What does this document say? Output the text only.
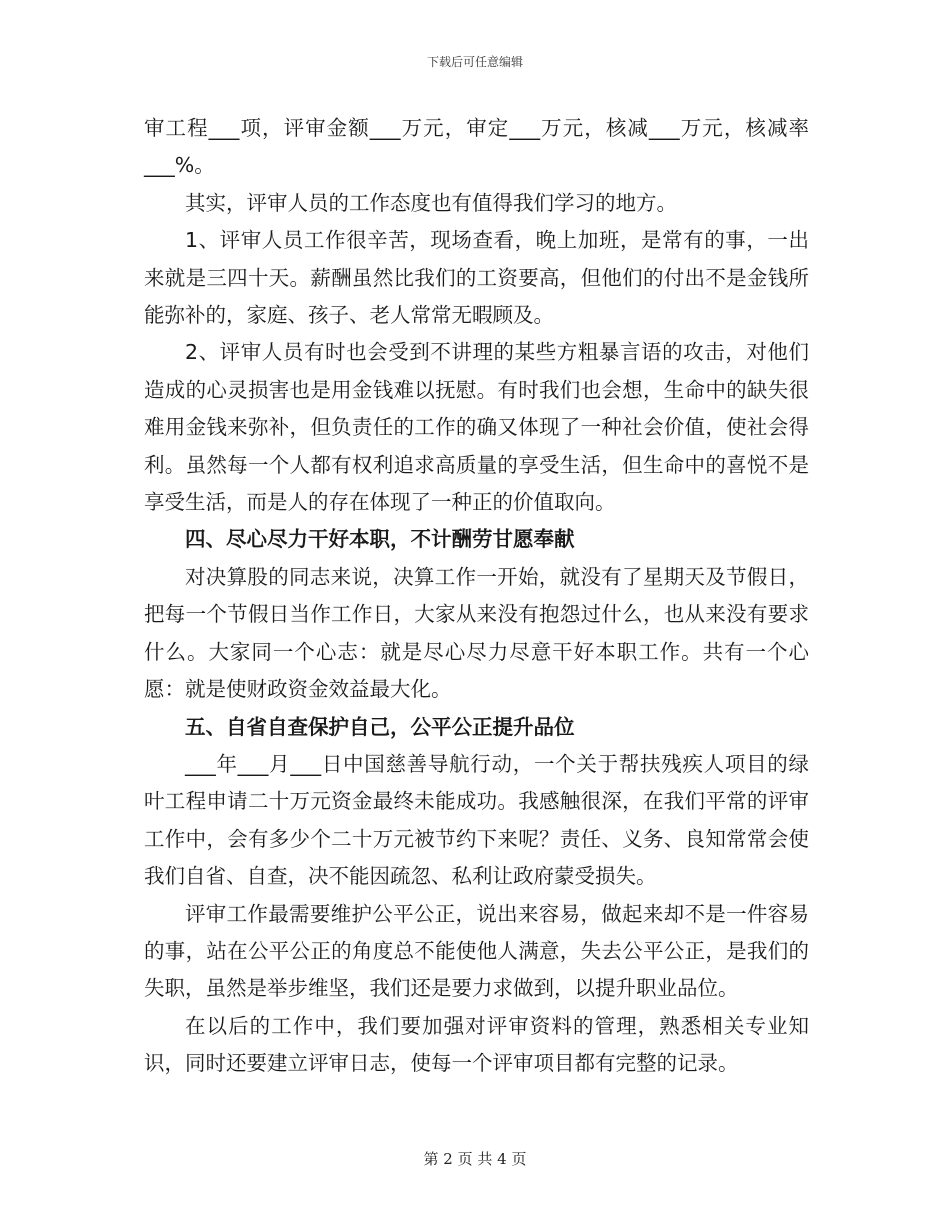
下载后可任意编辑

审工程___项，评审金额___万元，审定___万元，核减___万元，核减率___%。

其实，评审人员的工作态度也有值得我们学习的地方。

1、评审人员工作很辛苦，现场查看，晚上加班，是常有的事，一出来就是三四十天。薪酬虽然比我们的工资要高，但他们的付出不是金钱所能弥补的，家庭、孩子、老人常常无暇顾及。

2、评审人员有时也会受到不讲理的某些方粗暴言语的攻击，对他们造成的心灵损害也是用金钱难以抚慰。有时我们也会想，生命中的缺失很难用金钱来弥补，但负责任的工作的确又体现了一种社会价值，使社会得利。虽然每一个人都有权利追求高质量的享受生活，但生命中的喜悦不是享受生活，而是人的存在体现了一种正的价值取向。

四、尽心尽力干好本职，不计酬劳甘愿奉献

对决算股的同志来说，决算工作一开始，就没有了星期天及节假日，把每一个节假日当作工作日，大家从来没有抱怨过什么，也从来没有要求什么。大家同一个心志：就是尽心尽力尽意干好本职工作。共有一个心愿：就是使财政资金效益最大化。

五、自省自查保护自己，公平公正提升品位

___年___月___日中国慈善导航行动，一个关于帮扶残疾人项目的绿叶工程申请二十万元资金最终未能成功。我感触很深，在我们平常的评审工作中，会有多少个二十万元被节约下来呢？责任、义务、良知常常会使我们自省、自查，决不能因疏忽、私利让政府蒙受损失。

评审工作最需要维护公平公正，说出来容易，做起来却不是一件容易的事，站在公平公正的角度总不能使他人满意，失去公平公正，是我们的失职，虽然是举步维坚，我们还是要力求做到，以提升职业品位。

在以后的工作中，我们要加强对评审资料的管理，熟悉相关专业知识，同时还要建立评审日志，使每一个评审项目都有完整的记录。

第 2 页 共 4 页
